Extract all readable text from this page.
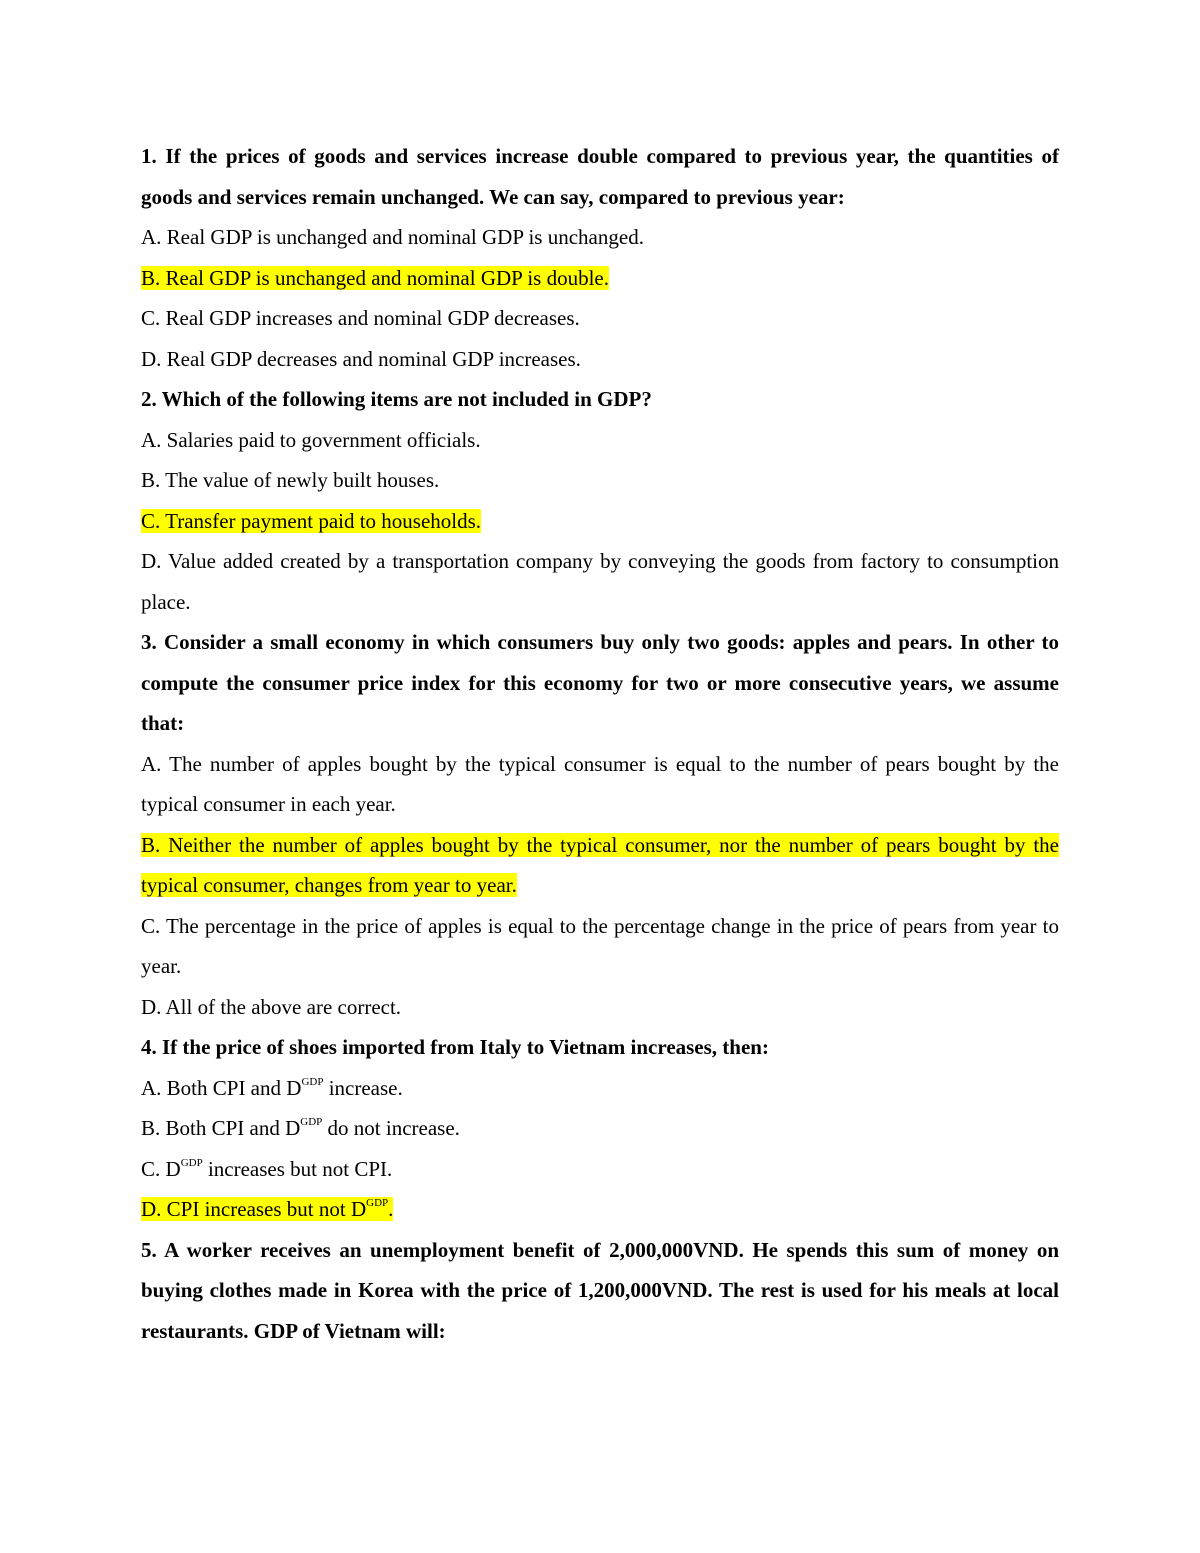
1. If the prices of goods and services increase double compared to previous year, the quantities of goods and services remain unchanged. We can say, compared to previous year:

A. Real GDP is unchanged and nominal GDP is unchanged.

B. Real GDP is unchanged and nominal GDP is double.

C. Real GDP increases and nominal GDP decreases.

D. Real GDP decreases and nominal GDP increases.

2. Which of the following items are not included in GDP?

A. Salaries paid to government officials.

B. The value of newly built houses.

C. Transfer payment paid to households.

D. Value added created by a transportation company by conveying the goods from factory to consumption place.

3. Consider a small economy in which consumers buy only two goods: apples and pears. In other to compute the consumer price index for this economy for two or more consecutive years, we assume that:

A. The number of apples bought by the typical consumer is equal to the number of pears bought by the typical consumer in each year.

B. Neither the number of apples bought by the typical consumer, nor the number of pears bought by the typical consumer, changes from year to year.

C. The percentage in the price of apples is equal to the percentage change in the price of pears from year to year.

D. All of the above are correct.

4. If the price of shoes imported from Italy to Vietnam increases, then:

A. Both CPI and $D^{GDP}$ increase.

B. Both CPI and $D^{GDP}$ do not increase.

C. $D^{GDP}$ increases but not CPI.

D. CPI increases but not $D^{GDP}$.

5. A worker receives an unemployment benefit of 2,000,000VND. He spends this sum of money on buying clothes made in Korea with the price of 1,200,000VND. The rest is used for his meals at local restaurants. GDP of Vietnam will:
